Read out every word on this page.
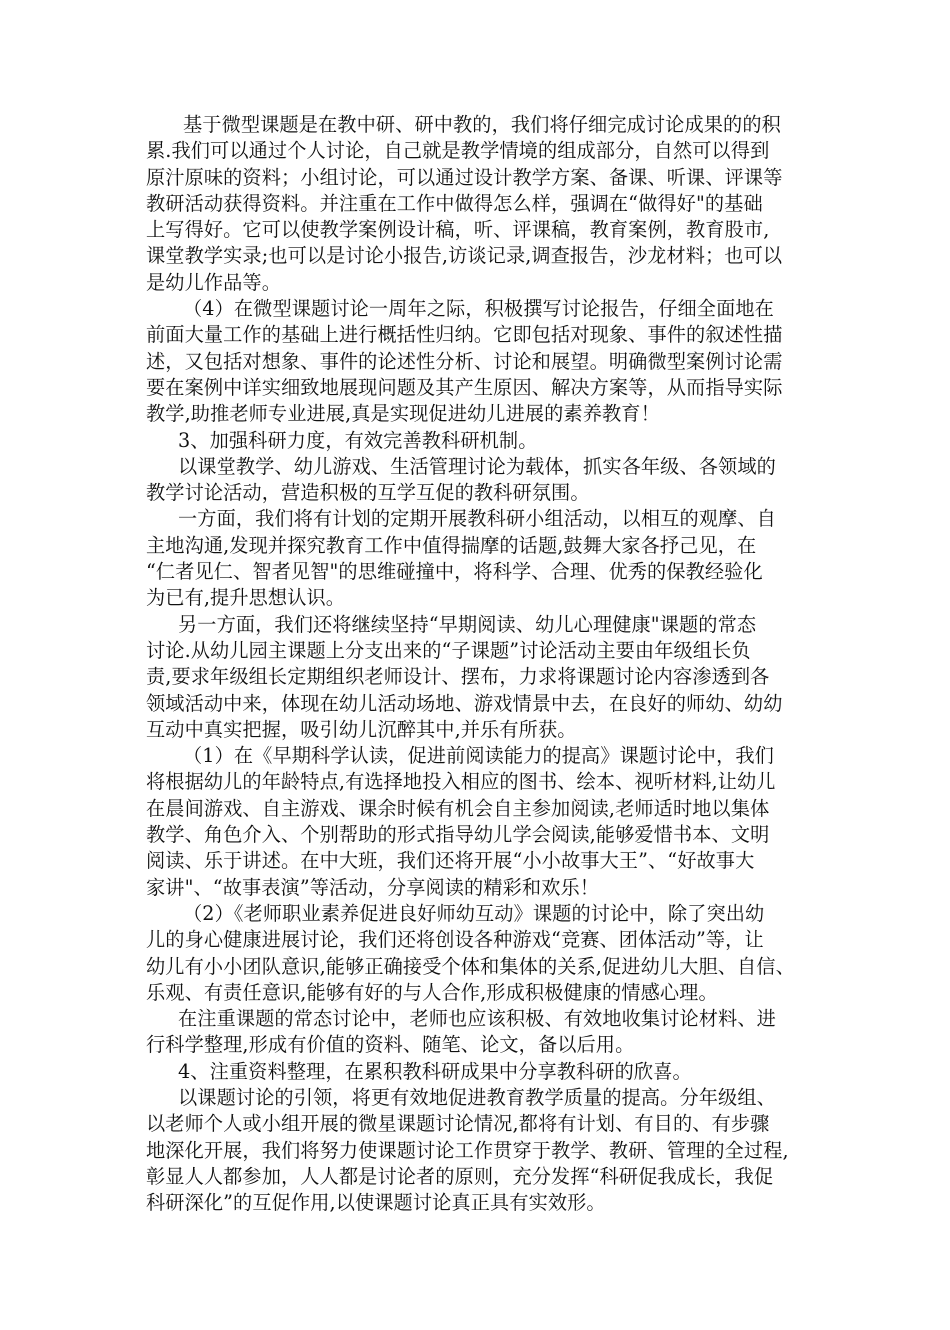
基于微型课题是在教中研、研中教的，我们将仔细完成讨论成果的的积
累.我们可以通过个人讨论，自己就是教学情境的组成部分，自然可以得到
原汁原味的资料；小组讨论，可以通过设计教学方案、备课、听课、评课等
教研活动获得资料。并注重在工作中做得怎么样，强调在“做得好"的基础
上写得好。它可以使教学案例设计稿，听、评课稿，教育案例，教育股市,
课堂教学实录;也可以是讨论小报告,访谈记录,调查报告，沙龙材料；也可以
是幼儿作品等。
（4）在微型课题讨论一周年之际，积极撰写讨论报告，仔细全面地在
前面大量工作的基础上进行概括性归纳。它即包括对现象、事件的叙述性描
述，又包括对想象、事件的论述性分析、讨论和展望。明确微型案例讨论需
要在案例中详实细致地展现问题及其产生原因、解决方案等，从而指导实际
教学,助推老师专业进展,真是实现促进幼儿进展的素养教育！
3、加强科研力度，有效完善教科研机制。
以课堂教学、幼儿游戏、生活管理讨论为载体，抓实各年级、各领域的
教学讨论活动，营造积极的互学互促的教科研氛围。
一方面，我们将有计划的定期开展教科研小组活动，以相互的观摩、自
主地沟通,发现并探究教育工作中值得揣摩的话题,鼓舞大家各抒己见，在
“仁者见仁、智者见智"的思维碰撞中，将科学、合理、优秀的保教经验化
为已有,提升思想认识。
另一方面，我们还将继续坚持“早期阅读、幼儿心理健康"课题的常态
讨论.从幼儿园主课题上分支出来的“子课题”讨论活动主要由年级组长负
责,要求年级组长定期组织老师设计、摆布，力求将课题讨论内容渗透到各
领域活动中来，体现在幼儿活动场地、游戏情景中去，在良好的师幼、幼幼
互动中真实把握，吸引幼儿沉醉其中,并乐有所获。
（1）在《早期科学认读，促进前阅读能力的提高》课题讨论中，我们
将根据幼儿的年龄特点,有选择地投入相应的图书、绘本、视听材料,让幼儿
在晨间游戏、自主游戏、课余时候有机会自主参加阅读,老师适时地以集体
教学、角色介入、个别帮助的形式指导幼儿学会阅读,能够爱惜书本、文明
阅读、乐于讲述。在中大班，我们还将开展“小小故事大王”、“好故事大
家讲"、“故事表演”等活动，分享阅读的精彩和欢乐！
（2）《老师职业素养促进良好师幼互动》课题的讨论中，除了突出幼
儿的身心健康进展讨论，我们还将创设各种游戏“竞赛、团体活动”等，让
幼儿有小小团队意识,能够正确接受个体和集体的关系,促进幼儿大胆、自信、
乐观、有责任意识,能够有好的与人合作,形成积极健康的情感心理。
在注重课题的常态讨论中，老师也应该积极、有效地收集讨论材料、进
行科学整理,形成有价值的资料、随笔、论文，备以后用。
4、注重资料整理，在累积教科研成果中分享教科研的欣喜。
以课题讨论的引领，将更有效地促进教育教学质量的提高。分年级组、
以老师个人或小组开展的微星课题讨论情况,都将有计划、有目的、有步骤
地深化开展，我们将努力使课题讨论工作贯穿于教学、教研、管理的全过程,
彰显人人都参加，人人都是讨论者的原则，充分发挥“科研促我成长，我促
科研深化”的互促作用,以使课题讨论真正具有实效形。
